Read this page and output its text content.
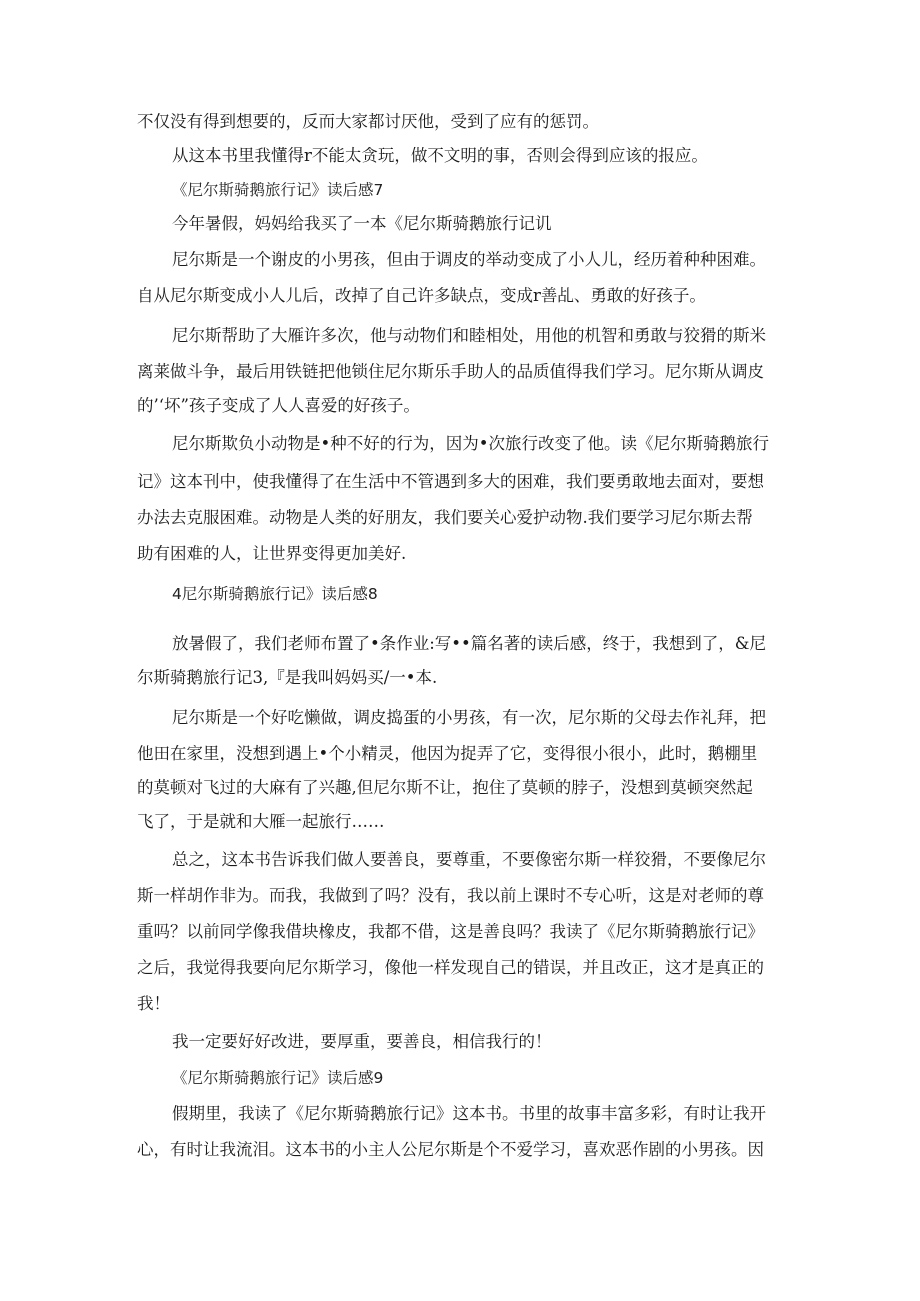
不仅没有得到想要的，反而大家都讨厌他，受到了应有的惩罚。
从这本书里我懂得r不能太贪玩，做不文明的事，否则会得到应该的报应。
《尼尔斯骑鹅旅行记》读后感7
今年暑假，妈妈给我买了一本《尼尔斯骑鹅旅行记讥
尼尔斯是一个谢皮的小男孩，但由于调皮的举动变成了小人儿，经历着种种困难。
自从尼尔斯变成小人儿后，改掉了自己许多缺点，变成r善乩、勇敢的好孩子。
尼尔斯帮助了大雁许多次，他与动物们和睦相处，用他的机智和勇敢与狡猾的斯米
离莱做斗争，最后用铁链把他锁住尼尔斯乐手助人的品质值得我们学习。尼尔斯从调皮
的’‘坏”孩子变成了人人喜爱的好孩子。
尼尔斯欺负小动物是•种不好的行为，因为•次旅行改变了他。读《尼尔斯骑鹅旅行
记》这本刊中，使我懂得了在生活中不管遇到多大的困难，我们要勇敢地去面对，要想
办法去克服困难。动物是人类的好朋友，我们要关心爱护动物.我们要学习尼尔斯去帮
助有困难的人，让世界变得更加美好.
4尼尔斯骑鹅旅行记》读后感8
放暑假了，我们老师布置了•条作业:写••篇名著的读后感，终于，我想到了，&尼
尔斯骑鹅旅行记3,『是我叫妈妈买/一•本.
尼尔斯是一个好吃懒做，调皮捣蛋的小男孩，有一次，尼尔斯的父母去作礼拜，把
他田在家里，没想到遇上•个小精灵，他因为捉弄了它，变得很小很小，此时，鹅棚里
的莫顿对飞过的大麻有了兴趣,但尼尔斯不让，抱住了莫顿的脖子，没想到莫顿突然起
飞了，于是就和大雁一起旅行……
总之，这本书告诉我们做人要善良，要尊重，不要像密尔斯一样狡猾，不要像尼尔
斯一样胡作非为。而我，我做到了吗？没有，我以前上课时不专心听，这是对老师的尊
重吗？以前同学像我借块橡皮，我都不借，这是善良吗？我读了《尼尔斯骑鹅旅行记》
之后，我觉得我要向尼尔斯学习，像他一样发现自己的错误，并且改正，这才是真正的
我！
我一定要好好改进，要厚重，要善良，相信我行的！
《尼尔斯骑鹅旅行记》读后感9
假期里，我读了《尼尔斯骑鹅旅行记》这本书。书里的故事丰富多彩，有时让我开
心，有时让我流泪。这本书的小主人公尼尔斯是个不爱学习，喜欢恶作剧的小男孩。因
